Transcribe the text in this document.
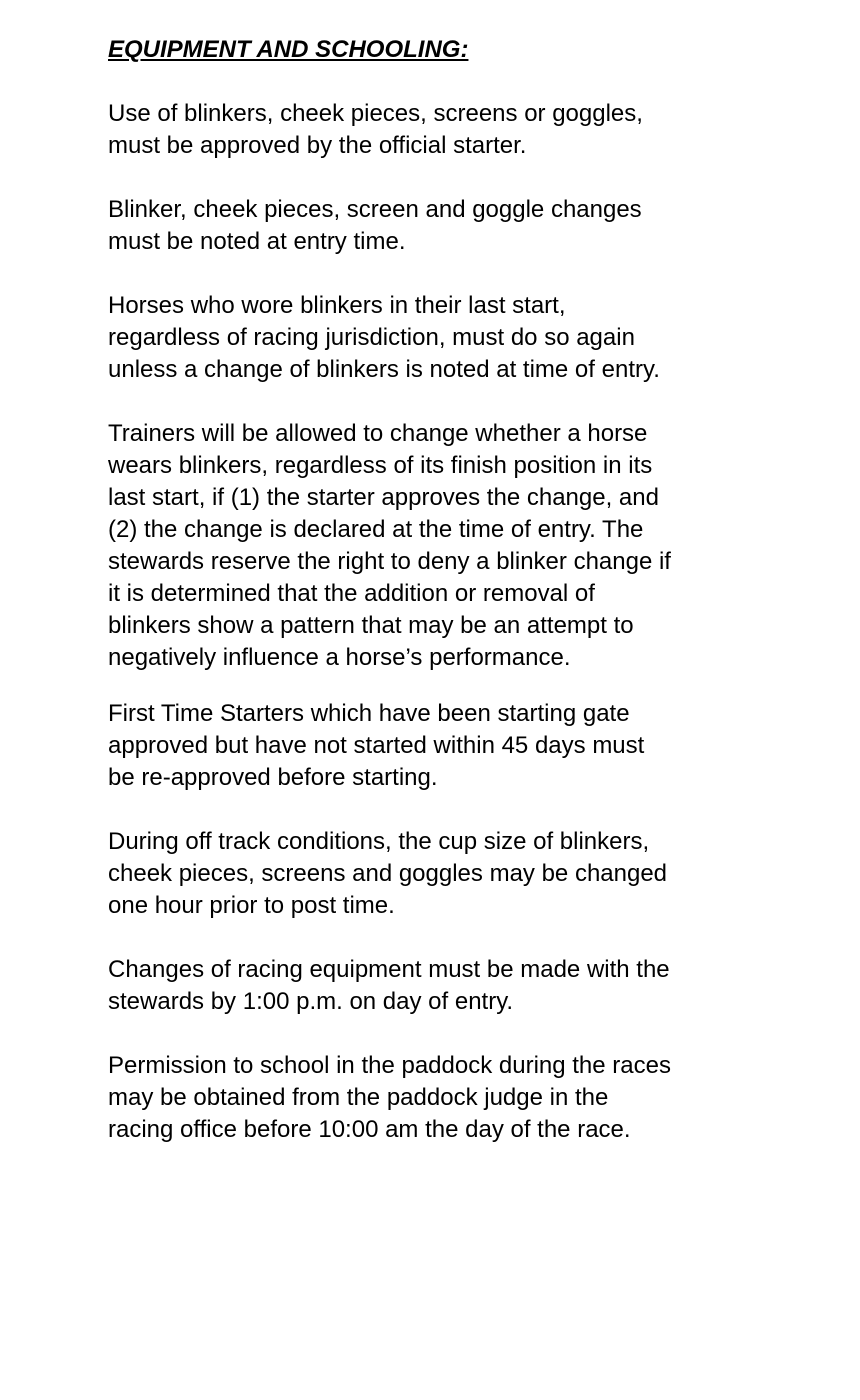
EQUIPMENT AND SCHOOLING:

Use of blinkers, cheek pieces, screens or goggles,
must be approved by the official starter.

Blinker, cheek pieces, screen and goggle changes
must be noted at entry time.

Horses who wore blinkers in their last start,
regardless of racing jurisdiction, must do so again
unless a change of blinkers is noted at time of entry.

Trainers will be allowed to change whether a horse
wears blinkers, regardless of its finish position in its
last start, if (1) the starter approves the change, and
(2) the change is declared at the time of entry. The
stewards reserve the right to deny a blinker change if
it is determined that the addition or removal of
blinkers show a pattern that may be an attempt to
negatively influence a horse’s performance.

First Time Starters which have been starting gate
approved but have not started within 45 days must
be re-approved before starting.

During off track conditions, the cup size of blinkers,
cheek pieces, screens and goggles may be changed
one hour prior to post time.

Changes of racing equipment must be made with the
stewards by 1:00 p.m. on day of entry.

Permission to school in the paddock during the races
may be obtained from the paddock judge in the
racing office before 10:00 am the day of the race.
